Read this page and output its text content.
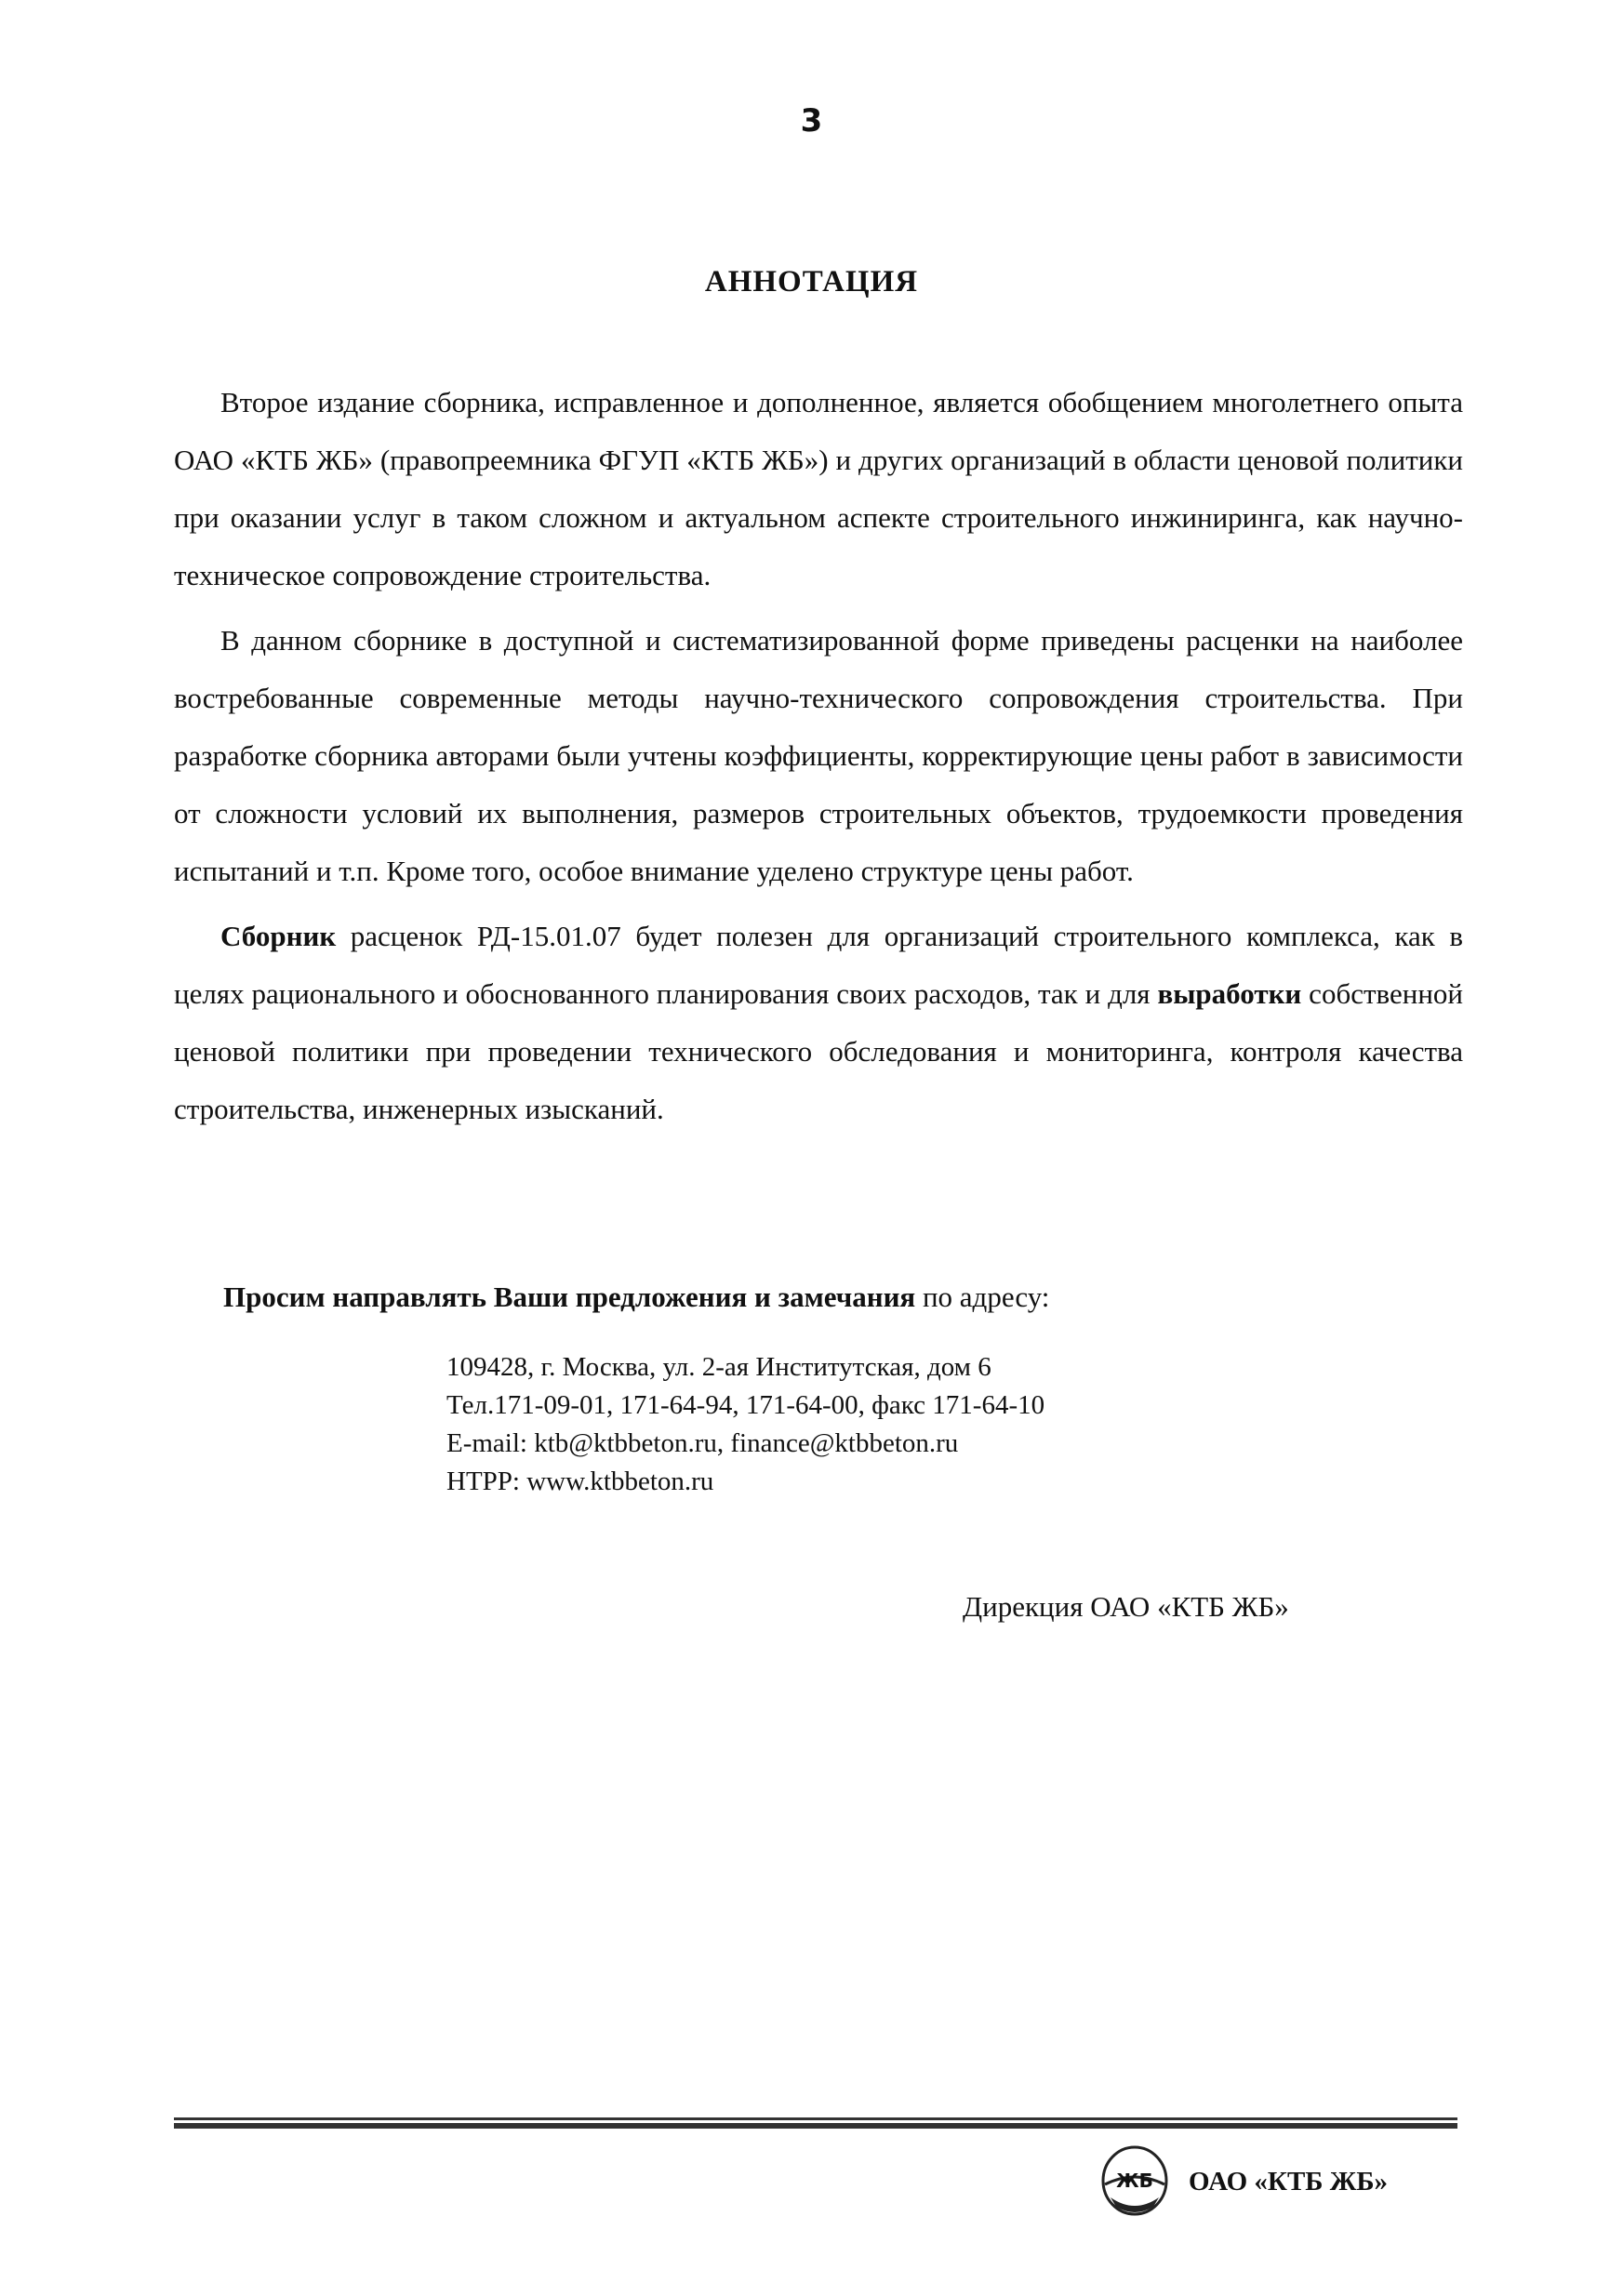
3
АННОТАЦИЯ

Второе издание сборника, исправленное и дополненное, является обобщением многолетнего опыта ОАО «КТБ ЖБ» (правопреемника ФГУП «КТБ ЖБ») и других организаций в области ценовой политики при оказании услуг в таком сложном и актуальном аспекте строительного инжиниринга, как научно-техническое сопровождение строительства.

В данном сборнике в доступной и систематизированной форме приведены расценки на наиболее востребованные современные методы научно-технического сопровождения строительства. При разработке сборника авторами были учтены коэффициенты, корректирующие цены работ в зависимости от сложности условий их выполнения, размеров строительных объектов, трудоемкости проведения испытаний и т.п. Кроме того, особое внимание уделено структуре цены работ.

Сборник расценок РД-15.01.07 будет полезен для организаций строительного комплекса, как в целях рационального и обоснованного планирования своих расходов, так и для выработки собственной ценовой политики при проведении технического обследования и мониторинга, контроля качества строительства, инженерных изысканий.

Просим направлять Ваши предложения и замечания по адресу:
109428, г. Москва, ул. 2-ая Институтская, дом 6
Тел.171-09-01, 171-64-94, 171-64-00, факс 171-64-10
E-mail: ktb@ktbbeton.ru, finance@ktbbeton.ru
HTPP: www.ktbbeton.ru
Дирекция ОАО «КТБ ЖБ»
ЖБ ОАО «КТБ ЖБ»
